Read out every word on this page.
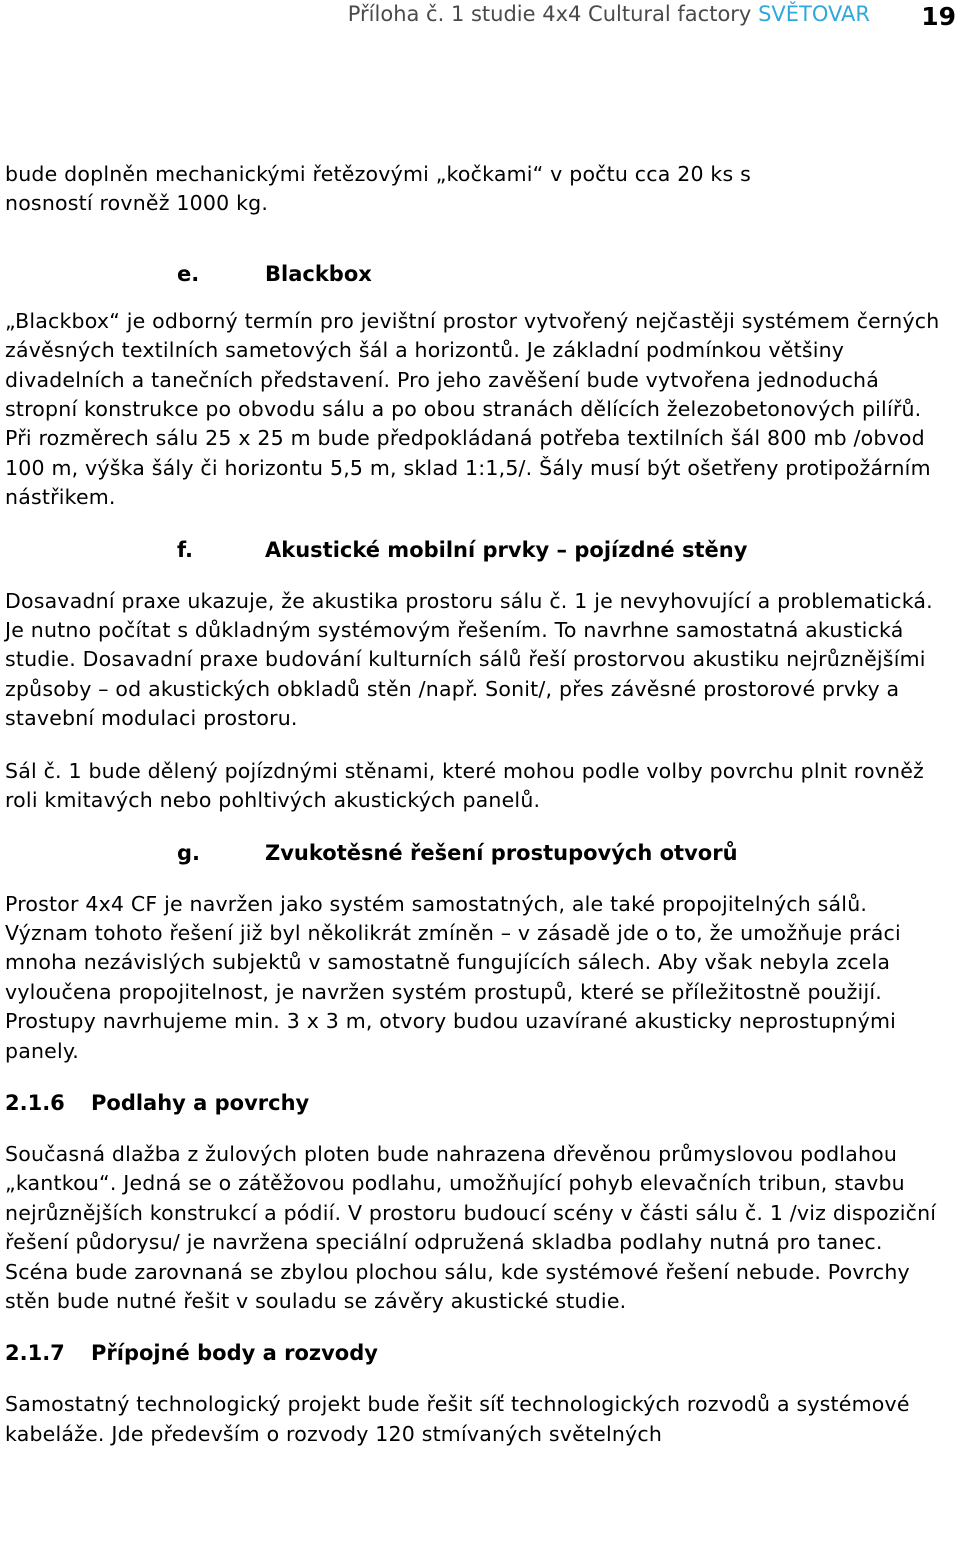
Příloha č. 1 studie 4x4 Cultural factory SVĚTOVAR 19

bude doplněn mechanickými řetězovými „kočkami“ v počtu cca 20 ks s nosností rovněž 1000 kg.

e.	Blackbox

„Blackbox“ je odborný termín pro jevištní prostor vytvořený nejčastěji systémem černých závěsných textilních sametových šál a horizontů. Je základní podmínkou většiny divadelních a tanečních představení. Pro jeho zavěšení bude vytvořena jednoduchá stropní konstrukce po obvodu sálu a po obou stranách dělících železobetonových pilířů. Při rozměrech sálu 25 x 25 m bude předpokládaná potřeba textilních šál 800 mb /obvod 100 m, výška šály či horizontu 5,5 m, sklad 1:1,5/. Šály musí být ošetřeny protipožárním nástřikem.

f.	Akustické mobilní prvky – pojízdné stěny

Dosavadní praxe ukazuje, že akustika prostoru sálu č. 1 je nevyhovující a problematická. Je nutno počítat s důkladným systémovým řešením. To navrhne samostatná akustická studie. Dosavadní praxe budování kulturních sálů řeší prostorvou akustiku nejrůznějšími způsoby – od akustických obkladů stěn /např. Sonit/, přes závěsné prostorové prvky a stavební modulaci prostoru.

Sál č. 1 bude dělený pojízdnými stěnami, které mohou podle volby povrchu plnit rovněž roli kmitavých nebo pohltivých akustických panelů.

g.	Zvukotěsné řešení prostupových otvorů

Prostor 4x4 CF je navržen jako systém samostatných, ale také propojitelných sálů. Význam tohoto řešení již byl několikrát zmíněn – v zásadě jde o to, že umožňuje práci mnoha nezávislých subjektů v samostatně fungujících sálech. Aby však nebyla zcela vyloučena propojitelnost, je navržen systém prostupů, které se příležitostně použijí. Prostupy navrhujeme min. 3 x 3 m, otvory budou uzavírané akusticky neprostupnými panely.

2.1.6 Podlahy a povrchy

Současná dlažba z žulových ploten bude nahrazena dřevěnou průmyslovou podlahou „kantkou“. Jedná se o zátěžovou podlahu, umožňující pohyb elevačních tribun, stavbu nejrůznějších konstrukcí a pódií. V prostoru budoucí scény v části sálu č. 1 /viz dispoziční řešení půdorysu/ je navržena speciální odpružená skladba podlahy nutná pro tanec. Scéna bude zarovnaná se zbylou plochou sálu, kde systémové řešení nebude. Povrchy stěn bude nutné řešit v souladu se závěry akustické studie.

2.1.7 Přípojné body a rozvody

Samostatný technologický projekt bude řešit síť technologických rozvodů a systémové kabeláže. Jde především o rozvody 120 stmívaných světelných
